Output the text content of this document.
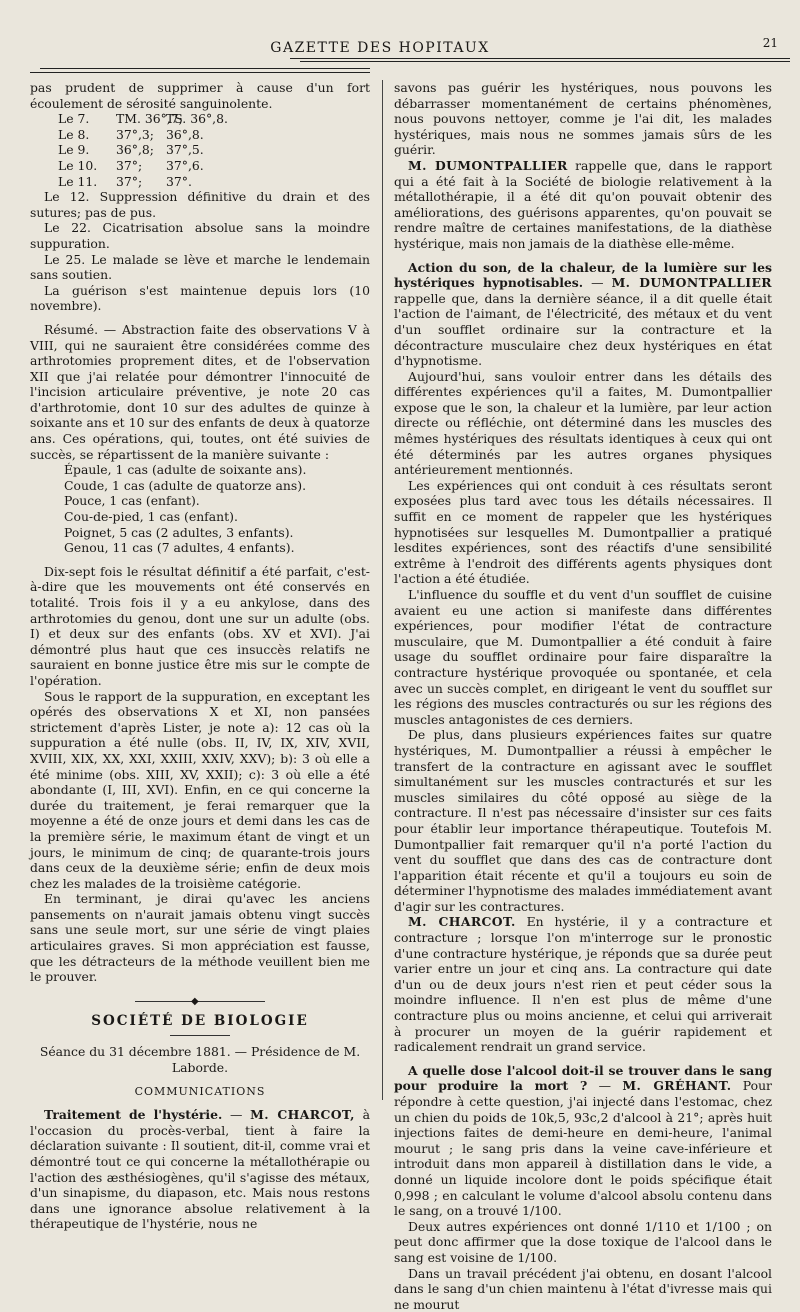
GAZETTE DES HOPITAUX	21

pas prudent de supprimer à cause d'un fort écoulement de sérosité sanguinolente.

Le 7. TM. 36°,7;TS. 36°,8.
Le 8. 37°,3; 36°,8.
Le 9. 36°,8; 37°,5.
Le 10. 37°; 37°,6.
Le 11. 37°; 37°.

Le 12. Suppression définitive du drain et des sutures; pas de pus.

Le 22. Cicatrisation absolue sans la moindre suppuration.

Le 25. Le malade se lève et marche le lendemain sans soutien.

La guérison s'est maintenue depuis lors (10 novembre).

Résumé. — Abstraction faite des observations V à VIII, qui ne sauraient être considérées comme des arthrotomies proprement dites, et de l'observation XII que j'ai relatée pour démontrer l'innocuité de l'incision articulaire préventive, je note 20 cas d'arthrotomie, dont 10 sur des adultes de quinze à soixante ans et 10 sur des enfants de deux à quatorze ans. Ces opérations, qui, toutes, ont été suivies de succès, se répartissent de la manière suivante :

Épaule, 1 cas (adulte de soixante ans).
Coude, 1 cas (adulte de quatorze ans).
Pouce, 1 cas (enfant).
Cou-de-pied, 1 cas (enfant).
Poignet, 5 cas (2 adultes, 3 enfants).
Genou, 11 cas (7 adultes, 4 enfants).

Dix-sept fois le résultat définitif a été parfait, c'est-à-dire que les mouvements ont été conservés en totalité. Trois fois il y a eu ankylose, dans des arthrotomies du genou, dont une sur un adulte (obs. I) et deux sur des enfants (obs. XV et XVI). J'ai démontré plus haut que ces insuccès relatifs ne sauraient en bonne justice être mis sur le compte de l'opération.

Sous le rapport de la suppuration, en exceptant les opérés des observations X et XI, non pansées strictement d'après Lister, je note a): 12 cas où la suppuration a été nulle (obs. II, IV, IX, XIV, XVII, XVIII, XIX, XX, XXI, XXIII, XXIV, XXV); b): 3 où elle a été minime (obs. XIII, XV, XXII); c): 3 où elle a été abondante (I, III, XVI). Enfin, en ce qui concerne la durée du traitement, je ferai remarquer que la moyenne a été de onze jours et demi dans les cas de la première série, le maximum étant de vingt et un jours, le minimum de cinq; de quarante-trois jours dans ceux de la deuxième série; enfin de deux mois chez les malades de la troisième catégorie.

En terminant, je dirai qu'avec les anciens pansements on n'aurait jamais obtenu vingt succès sans une seule mort, sur une série de vingt plaies articulaires graves. Si mon appréciation est fausse, que les détracteurs de la méthode veuillent bien me le prouver.

◆
SOCIÉTÉ DE BIOLOGIE

Séance du 31 décembre 1881. — Présidence de M. Laborde.

COMMUNICATIONS

Traitement de l'hystérie. — M. CHARCOT, à l'occasion du procès-verbal, tient à faire la déclaration suivante : Il soutient, dit-il, comme vrai et démontré tout ce qui concerne la métallothérapie ou l'action des æsthésiogènes, qu'il s'agisse des métaux, d'un sinapisme, du diapason, etc. Mais nous restons dans une ignorance absolue relativement à la thérapeutique de l'hystérie, nous ne

savons pas guérir les hystériques, nous pouvons les débarrasser momentanément de certains phénomènes, nous pouvons nettoyer, comme je l'ai dit, les malades hystériques, mais nous ne sommes jamais sûrs de les guérir.

M. DUMONTPALLIER rappelle que, dans le rapport qui a été fait à la Société de biologie relativement à la métallothérapie, il a été dit qu'on pouvait obtenir des améliorations, des guérisons apparentes, qu'on pouvait se rendre maître de certaines manifestations, de la diathèse hystérique, mais non jamais de la diathèse elle-même.

Action du son, de la chaleur, de la lumière sur les hystériques hypnotisables. — M. DUMONTPALLIER rappelle que, dans la dernière séance, il a dit quelle était l'action de l'aimant, de l'électricité, des métaux et du vent d'un soufflet ordinaire sur la contracture et la décontracture musculaire chez deux hystériques en état d'hypnotisme.

Aujourd'hui, sans vouloir entrer dans les détails des différentes expériences qu'il a faites, M. Dumontpallier expose que le son, la chaleur et la lumière, par leur action directe ou réfléchie, ont déterminé dans les muscles des mêmes hystériques des résultats identiques à ceux qui ont été déterminés par les autres organes physiques antérieurement mentionnés.

Les expériences qui ont conduit à ces résultats seront exposées plus tard avec tous les détails nécessaires. Il suffit en ce moment de rappeler que les hystériques hypnotisées sur lesquelles M. Dumontpallier a pratiqué lesdites expériences, sont des réactifs d'une sensibilité extrême à l'endroit des différents agents physiques dont l'action a été étudiée.

L'influence du souffle et du vent d'un soufflet de cuisine avaient eu une action si manifeste dans différentes expériences, pour modifier l'état de contracture musculaire, que M. Dumontpallier a été conduit à faire usage du soufflet ordinaire pour faire disparaître la contracture hystérique provoquée ou spontanée, et cela avec un succès complet, en dirigeant le vent du soufflet sur les régions des muscles contracturés ou sur les régions des muscles antagonistes de ces derniers.

De plus, dans plusieurs expériences faites sur quatre hystériques, M. Dumontpallier a réussi à empêcher le transfert de la contracture en agissant avec le soufflet simultanément sur les muscles contracturés et sur les muscles similaires du côté opposé au siège de la contracture. Il n'est pas nécessaire d'insister sur ces faits pour établir leur importance thérapeutique. Toutefois M. Dumontpallier fait remarquer qu'il n'a porté l'action du vent du soufflet que dans des cas de contracture dont l'apparition était récente et qu'il a toujours eu soin de déterminer l'hypnotisme des malades immédiatement avant d'agir sur les contractures.

M. CHARCOT. En hystérie, il y a contracture et contracture ; lorsque l'on m'interroge sur le pronostic d'une contracture hystérique, je réponds que sa durée peut varier entre un jour et cinq ans. La contracture qui date d'un ou de deux jours n'est rien et peut céder sous la moindre influence. Il n'en est plus de même d'une contracture plus ou moins ancienne, et celui qui arriverait à procurer un moyen de la guérir rapidement et radicalement rendrait un grand service.

A quelle dose l'alcool doit-il se trouver dans le sang pour produire la mort ? — M. GRÉHANT. Pour répondre à cette question, j'ai injecté dans l'estomac, chez un chien du poids de 10k,5, 93c,2 d'alcool à 21°; après huit injections faites de demi-heure en demi-heure, l'animal mourut ; le sang pris dans la veine cave-inférieure et introduit dans mon appareil à distillation dans le vide, a donné un liquide incolore dont le poids spécifique était 0,998 ; en calculant le volume d'alcool absolu contenu dans le sang, on a trouvé 1/100.

Deux autres expériences ont donné 1/110 et 1/100 ; on peut donc affirmer que la dose toxique de l'alcool dans le sang est voisine de 1/100.

Dans un travail précédent j'ai obtenu, en dosant l'alcool dans le sang d'un chien maintenu à l'état d'ivresse mais qui ne mourut
